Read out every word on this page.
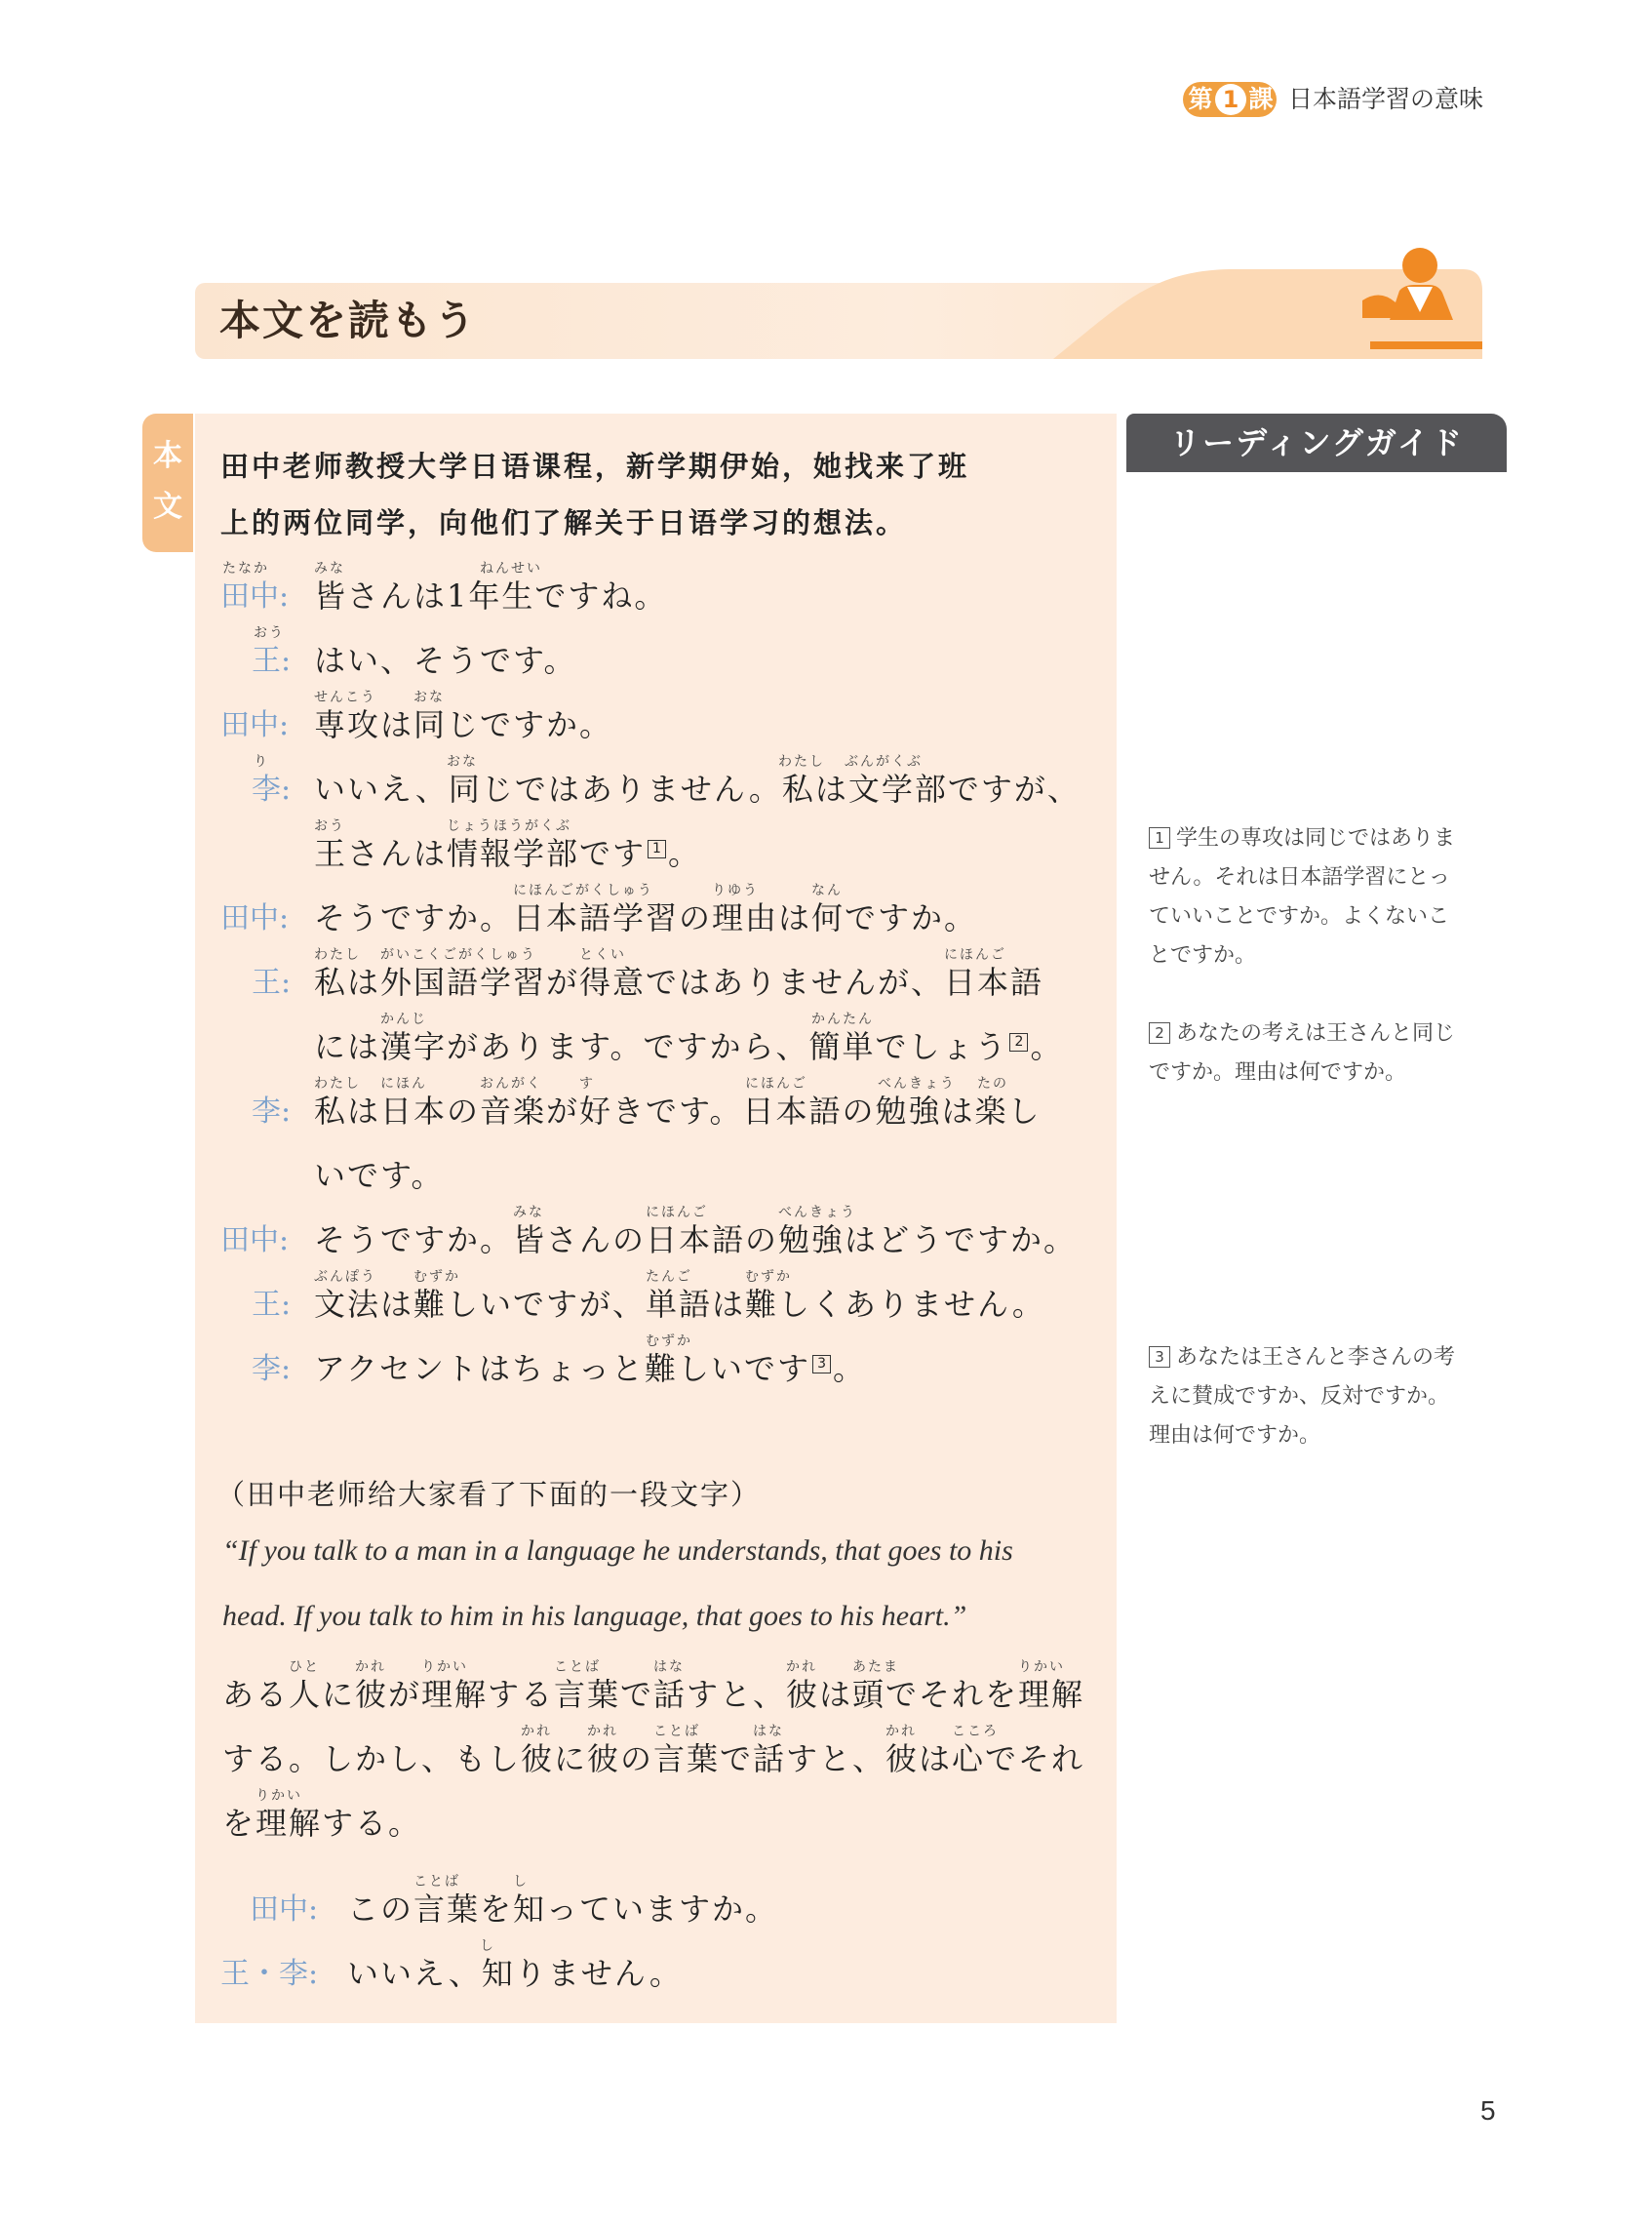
第 1 課 日本語学習の意味
本文を読もう
本
文
田中老师教授大学日语课程，新学期伊始，她找来了班
上的两位同学，向他们了解关于日语学习的想法。
田中: 皆さんは1年生ですね。
たなか	みな	ねんせい
王: はい、そうです。
おう
田中: 専攻は同じですか。
せんこう	おな
李: いいえ、同じではありません。私は文学部ですが、
り	おな	わたし ぶんがくぶ
王さんは情報学部です 1 。
おう	じょうほうがくぶ
田中: そうですか。日本語学習の理由は何ですか。
にほんごがくしゅう	りゆう	なん
王: 私は外国語学習が得意ではありませんが、日本語
わたし がいこくごがくしゅう	とくい	にほんご
には漢字があります。ですから、簡単でしょう 2 。
かんじ	かんたん
李: 私は日本の音楽が好きです。日本語の勉強は楽し
わたし にほん	おんがく	す	にほんご	べんきょう たの
いです。
田中: そうですか。皆さんの日本語の勉強はどうですか。
みな	にほんご	べんきょう
王: 文法は難しいですが、単語は難しくありません。
ぶんぽう	むずか	たんご	むずか
李: アクセントはちょっと難しいです 3 。
むずか
（田中老师给大家看了下面的一段文字）
“If you talk to a man in a language he understands, that goes to his
head. If you talk to him in his language, that goes to his heart.”
ある人に彼が理解する言葉で話すと、彼は頭でそれを理解
ひと	かれ	りかい	ことば	はな	かれ	あたま	りかい
する。しかし、もし彼に彼の言葉で話すと、彼は心でそれ
かれ	かれ	ことば	はな	かれ	こころ
を理解する。
りかい
田中: この言葉を知っていますか。
ことば	し
王・李: いいえ、知りません。
し
リーディングガイド
1 学生の専攻は同じではありま
せん。それは日本語学習にとっ
ていいことですか。よくないこ
とですか。
2 あなたの考えは王さんと同じ
ですか。理由は何ですか。
3 あなたは王さんと李さんの考
えに賛成ですか、反対ですか。
理由は何ですか。
5
